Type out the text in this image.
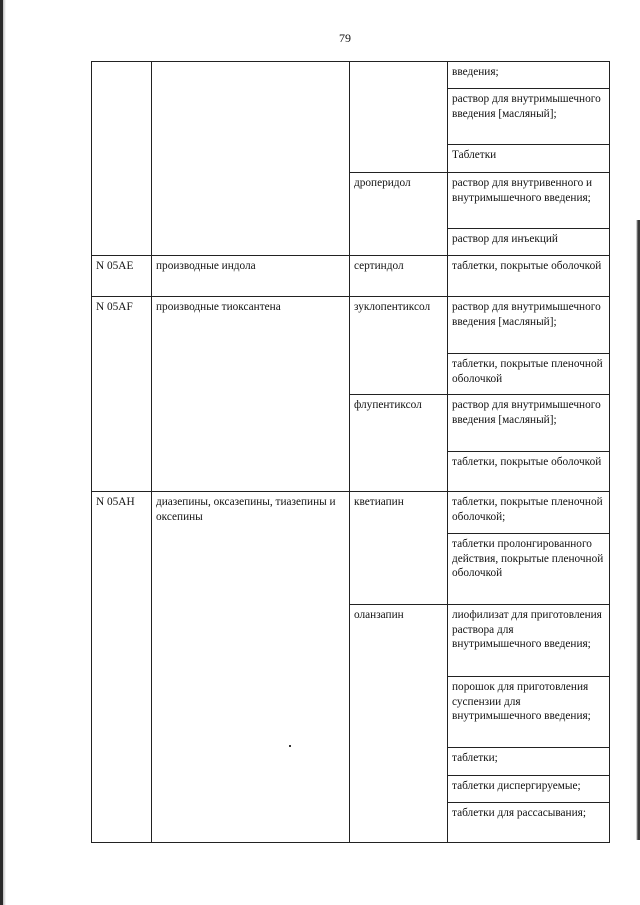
79
			введения;
			раствор для внутримышечного введения [масляный];
			Таблетки
		дроперидол	раствор для внутривенного и внутримышечного введения;
			раствор для инъекций
N 05AE	производные индола	сертиндол	таблетки, покрытые оболочкой
N 05AF	производные тиоксантена	зуклопентиксол	раствор для внутримышечного введения [масляный];
			таблетки, покрытые пленочной оболочкой
		флупентиксол	раствор для внутримышечного введения [масляный];
			таблетки, покрытые оболочкой
N 05AH	диазепины, оксазепины, тиазепины и оксепины	кветиапин	таблетки, покрытые пленочной оболочкой;
			таблетки пролонгированного действия, покрытые пленочной оболочкой
		оланзапин	лиофилизат для приготовления раствора для внутримышечного введения;
			порошок для приготовления суспензии для внутримышечного введения;
			таблетки;
			таблетки диспергируемые;
			таблетки для рассасывания;
